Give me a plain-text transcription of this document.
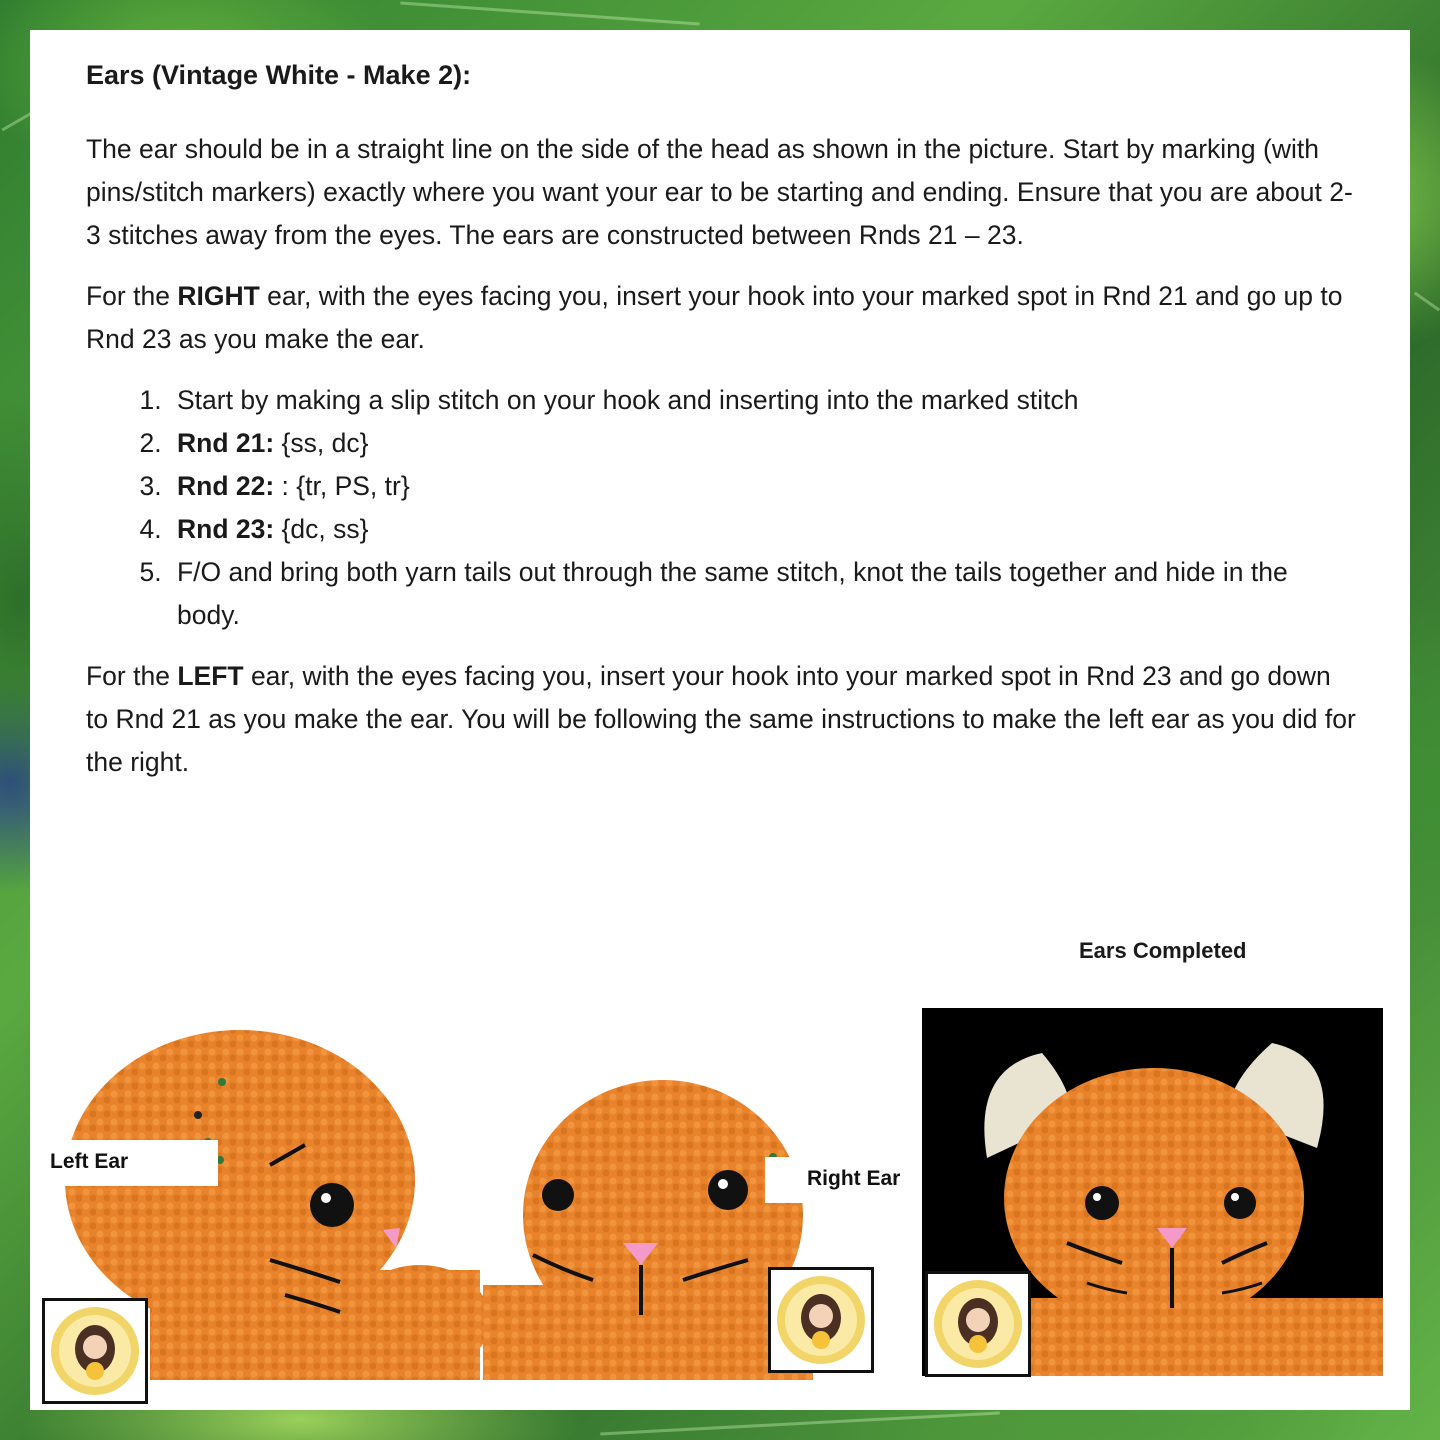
Ears (Vintage White - Make 2):

The ear should be in a straight line on the side of the head as shown in the picture. Start by marking (with pins/stitch markers) exactly where you want your ear to be starting and ending. Ensure that you are about 2- 3 stitches away from the eyes. The ears are constructed between Rnds 21 – 23.

For the RIGHT ear, with the eyes facing you, insert your hook into your marked spot in Rnd 21 and go up to Rnd 23 as you make the ear.

1. Start by making a slip stitch on your hook and inserting into the marked stitch
2. Rnd 21: {ss, dc}
3. Rnd 22: : {tr, PS, tr}
4. Rnd 23: {dc, ss}
5. F/O and bring both yarn tails out through the same stitch, knot the tails together and hide in the body.

For the LEFT ear, with the eyes facing you, insert your hook into your marked spot in Rnd 23 and go down to Rnd 21 as you make the ear. You will be following the same instructions to make the left ear as you did for the right.

Ears Completed
Left Ear
Right Ear
